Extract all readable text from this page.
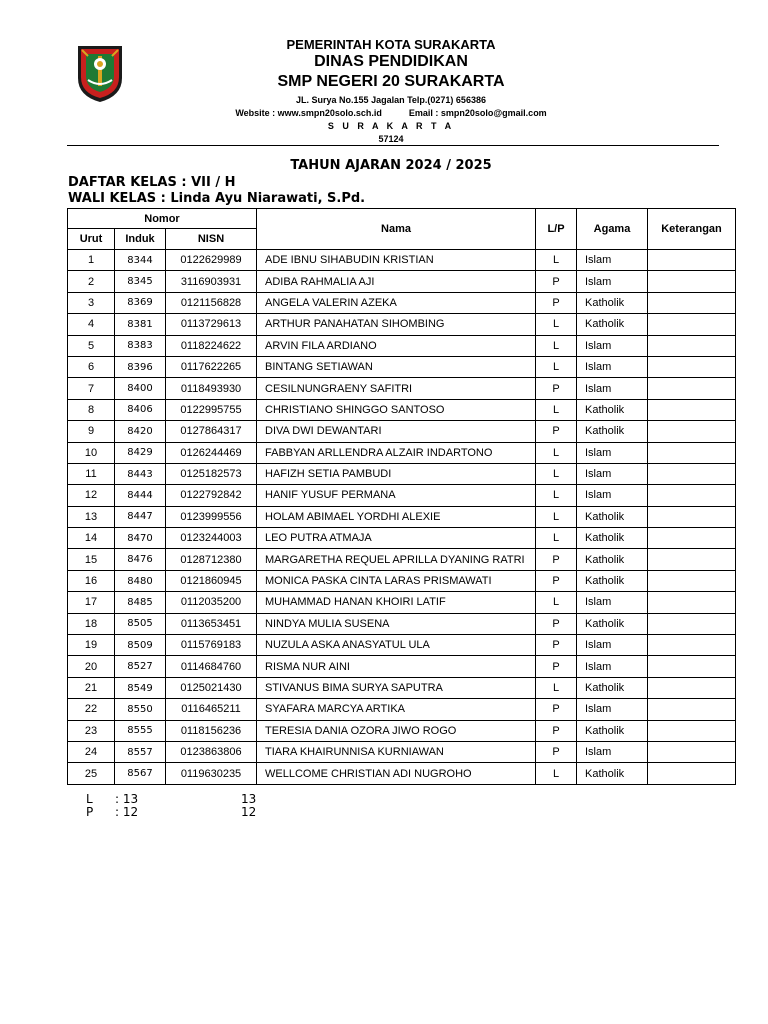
PEMERINTAH KOTA SURAKARTA
DINAS PENDIDIKAN
SMP NEGERI 20 SURAKARTA
JL. Surya No.155 Jagalan Telp.(0271) 656386
Website : www.smpn20solo.sch.id	Email : smpn20solo@gmail.com
S U R A K A R T A
57124
TAHUN AJARAN 2024 / 2025
DAFTAR KELAS : VII / H
WALI KELAS : Linda Ayu Niarawati, S.Pd.
Nomor			Nama	L/P	Agama	Keterangan
Urut	Induk	NISN				
1	8344	0122629989	ADE IBNU SIHABUDIN KRISTIAN	L	Islam	
2	8345	3116903931	ADIBA RAHMALIA AJI	P	Islam	
3	8369	0121156828	ANGELA VALERIN AZEKA	P	Katholik	
4	8381	0113729613	ARTHUR PANAHATAN SIHOMBING	L	Katholik	
5	8383	0118224622	ARVIN FILA ARDIANO	L	Islam	
6	8396	0117622265	BINTANG SETIAWAN	L	Islam	
7	8400	0118493930	CESILNUNGRAENY SAFITRI	P	Islam	
8	8406	0122995755	CHRISTIANO SHINGGO SANTOSO	L	Katholik	
9	8420	0127864317	DIVA DWI DEWANTARI	P	Katholik	
10	8429	0126244469	FABBYAN ARLLENDRA ALZAIR INDARTONO	L	Islam	
11	8443	0125182573	HAFIZH SETIA PAMBUDI	L	Islam	
12	8444	0122792842	HANIF YUSUF PERMANA	L	Islam	
13	8447	0123999556	HOLAM ABIMAEL YORDHI ALEXIE	L	Katholik	
14	8470	0123244003	LEO PUTRA ATMAJA	L	Katholik	
15	8476	0128712380	MARGARETHA REQUEL APRILLA DYANING RATRI	P	Katholik	
16	8480	0121860945	MONICA PASKA CINTA LARAS PRISMAWATI	P	Katholik	
17	8485	0112035200	MUHAMMAD HANAN KHOIRI LATIF	L	Islam	
18	8505	0113653451	NINDYA MULIA SUSENA	P	Katholik	
19	8509	0115769183	NUZULA ASKA ANASYATUL ULA	P	Islam	
20	8527	0114684760	RISMA NUR AINI	P	Islam	
21	8549	0125021430	STIVANUS BIMA SURYA SAPUTRA	L	Katholik	
22	8550	0116465211	SYAFARA MARCYA ARTIKA	P	Islam	
23	8555	0118156236	TERESIA DANIA OZORA JIWO ROGO	P	Katholik	
24	8557	0123863806	TIARA KHAIRUNNISA KURNIAWAN	P	Islam	
25	8567	0119630235	WELLCOME CHRISTIAN ADI NUGROHO	L	Katholik	
L : 13	13
P : 12	12
